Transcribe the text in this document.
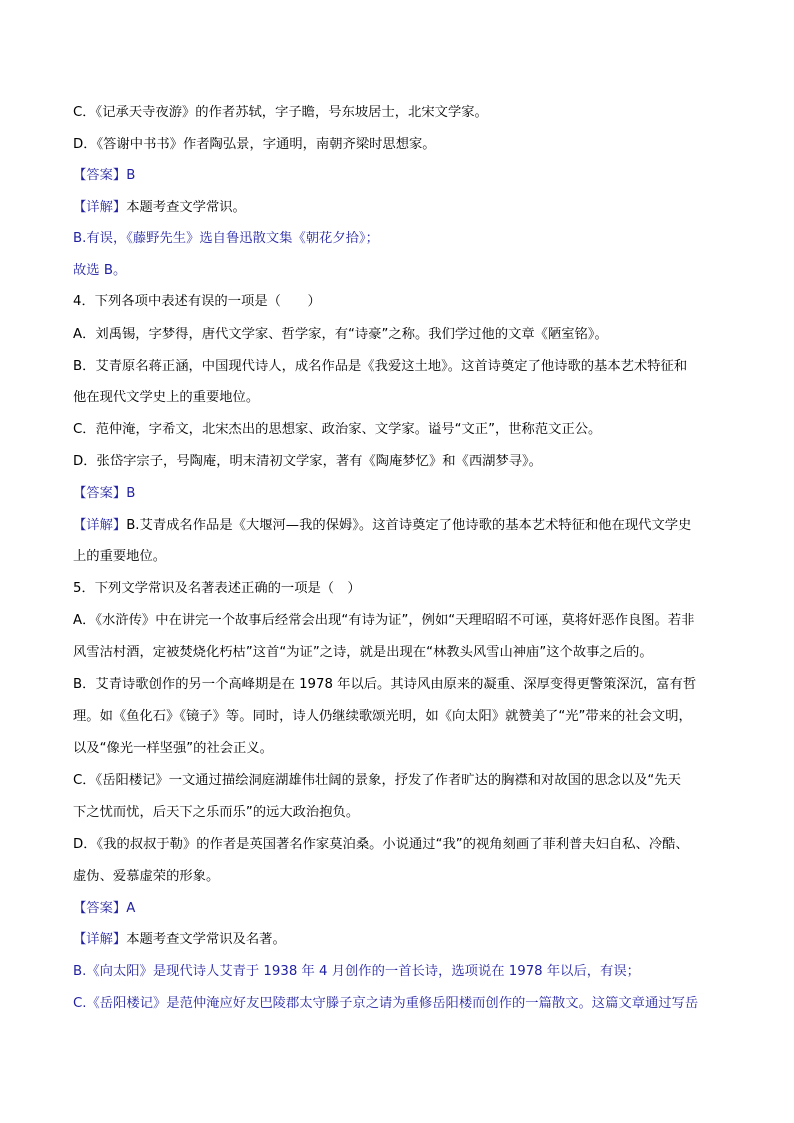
C．《记承天寺夜游》的作者苏轼，字子瞻，号东坡居士，北宋文学家。
D．《答谢中书书》作者陶弘景，字通明，南朝齐梁时思想家。
【答案】B
【详解】本题考查文学常识。
B.有误，《藤野先生》选自鲁迅散文集《朝花夕拾》；
故选 B。
4．下列各项中表述有误的一项是（　　）
A．刘禹锡，字梦得，唐代文学家、哲学家，有“诗豪”之称。我们学过他的文章《陋室铭》。
B．艾青原名蒋正涵，中国现代诗人，成名作品是《我爱这土地》。这首诗奠定了他诗歌的基本艺术特征和
他在现代文学史上的重要地位。
C．范仲淹，字希文，北宋杰出的思想家、政治家、文学家。谥号“文正”，世称范文正公。
D．张岱字宗子，号陶庵，明末清初文学家，著有《陶庵梦忆》和《西湖梦寻》。
【答案】B
【详解】B.艾青成名作品是《大堰河—我的保姆》。这首诗奠定了他诗歌的基本艺术特征和他在现代文学史
上的重要地位。
5．下列文学常识及名著表述正确的一项是（　）
A．《水浒传》中在讲完一个故事后经常会出现“有诗为证”，例如“天理昭昭不可诬，莫将奸恶作良图。若非
风雪沽村酒，定被焚烧化朽枯”这首“为证”之诗，就是出现在“林教头风雪山神庙”这个故事之后的。
B．艾青诗歌创作的另一个高峰期是在 1978 年以后。其诗风由原来的凝重、深厚变得更警策深沉，富有哲
理。如《鱼化石》《镜子》等。同时，诗人仍继续歌颂光明，如《向太阳》就赞美了“光”带来的社会文明，
以及“像光一样坚强”的社会正义。
C．《岳阳楼记》一文通过描绘洞庭湖雄伟壮阔的景象，抒发了作者旷达的胸襟和对故国的思念以及“先天
下之忧而忧，后天下之乐而乐”的远大政治抱负。
D．《我的叔叔于勒》的作者是英国著名作家莫泊桑。小说通过“我”的视角刻画了菲利普夫妇自私、冷酷、
虚伪、爱慕虚荣的形象。
【答案】A
【详解】本题考查文学常识及名著。
B.《向太阳》是现代诗人艾青于 1938 年 4 月创作的一首长诗，选项说在 1978 年以后，有误；
C.《岳阳楼记》是范仲淹应好友巴陵郡太守滕子京之请为重修岳阳楼而创作的一篇散文。这篇文章通过写岳
